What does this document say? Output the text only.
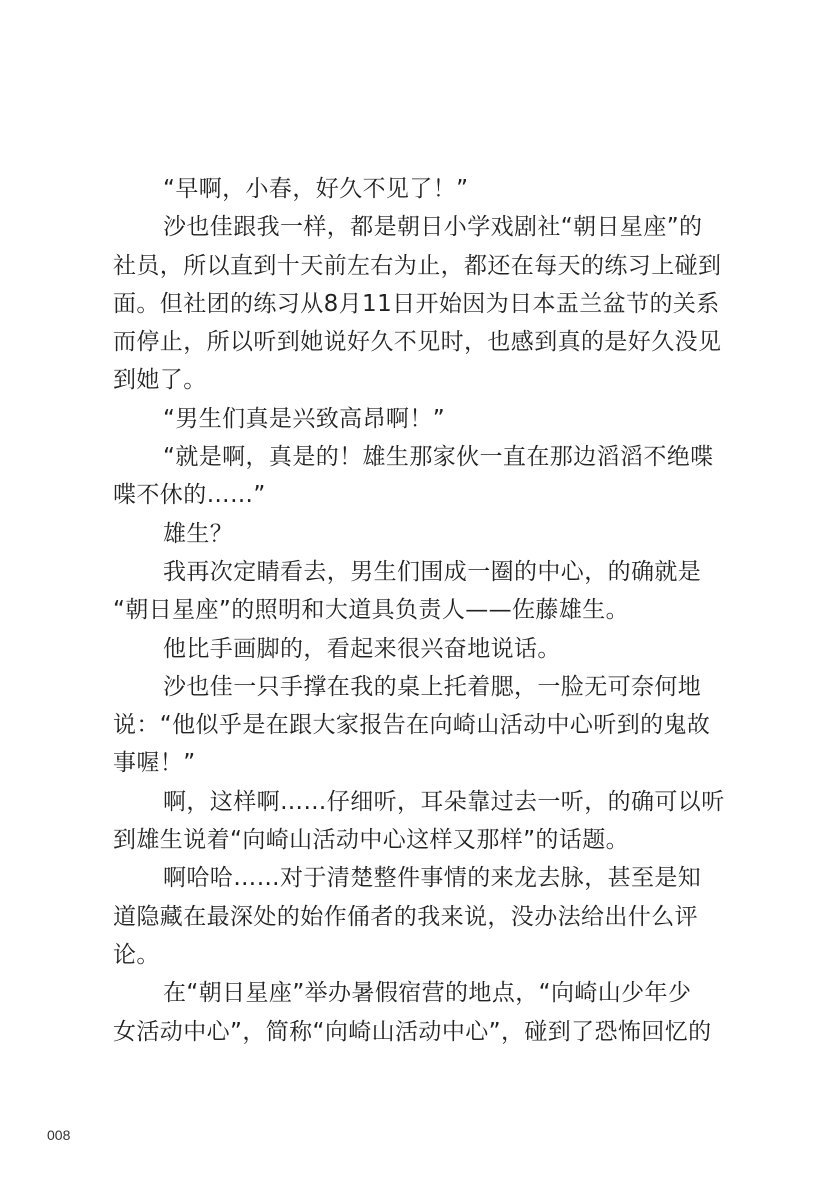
“早啊，小春，好久不见了！”
沙也佳跟我一样，都是朝日小学戏剧社“朝日星座”的
社员，所以直到十天前左右为止，都还在每天的练习上碰到
面。但社团的练习从8月11日开始因为日本盂兰盆节的关系
而停止，所以听到她说好久不见时，也感到真的是好久没见
到她了。
“男生们真是兴致高昂啊！”
“就是啊，真是的！雄生那家伙一直在那边滔滔不绝喋
喋不休的……”
雄生？
我再次定睛看去，男生们围成一圈的中心，的确就是
“朝日星座”的照明和大道具负责人——佐藤雄生。
他比手画脚的，看起来很兴奋地说话。
沙也佳一只手撑在我的桌上托着腮，一脸无可奈何地
说：“他似乎是在跟大家报告在向崎山活动中心听到的鬼故
事喔！”
啊，这样啊……仔细听，耳朵靠过去一听，的确可以听
到雄生说着“向崎山活动中心这样又那样”的话题。
啊哈哈……对于清楚整件事情的来龙去脉，甚至是知
道隐藏在最深处的始作俑者的我来说，没办法给出什么评
论。
在“朝日星座”举办暑假宿营的地点，“向崎山少年少
女活动中心”，简称“向崎山活动中心”，碰到了恐怖回忆的
008
